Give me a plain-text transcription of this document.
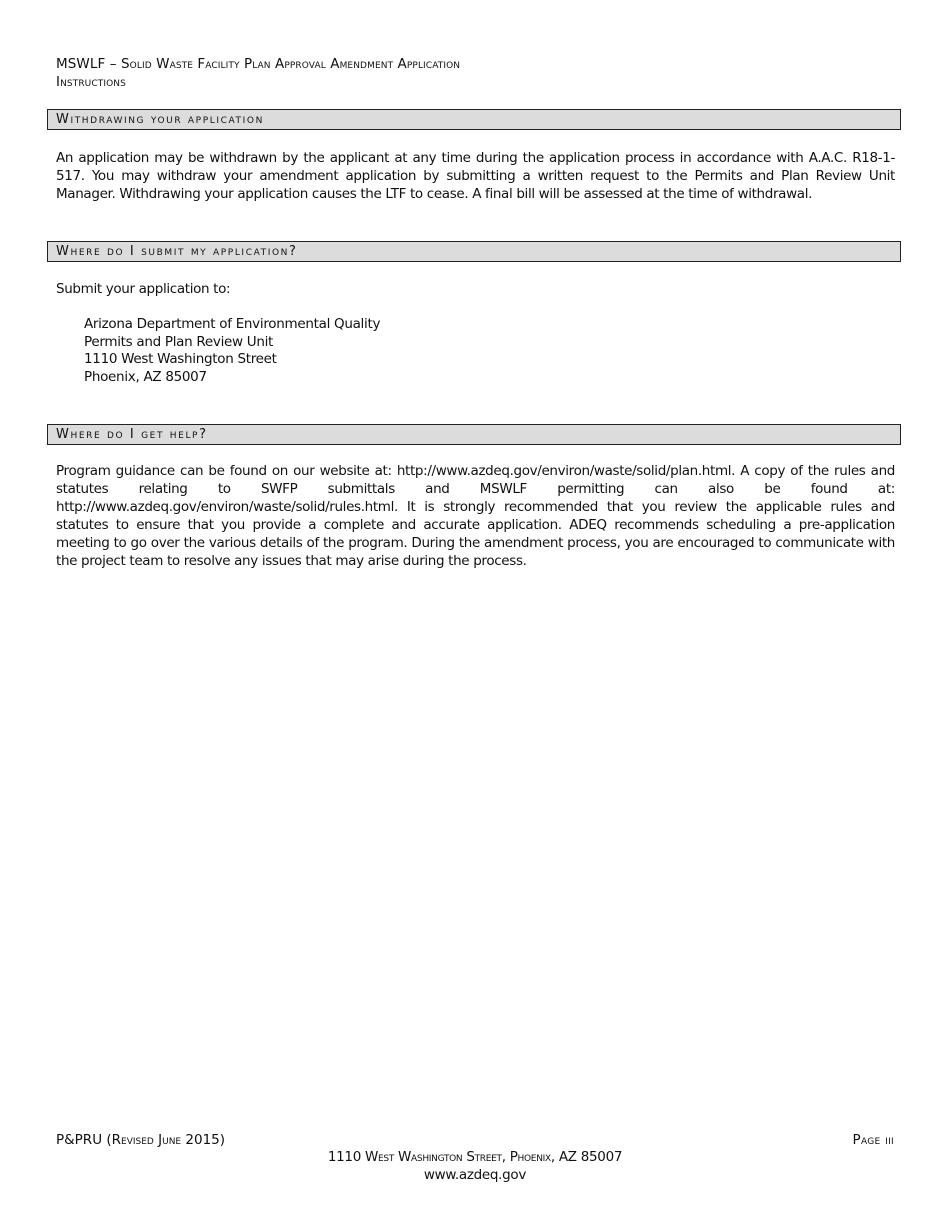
MSWLF – Solid Waste Facility Plan Approval Amendment Application
Instructions
Withdrawing your application
An application may be withdrawn by the applicant at any time during the application process in accordance with A.A.C. R18-1-517. You may withdraw your amendment application by submitting a written request to the Permits and Plan Review Unit Manager. Withdrawing your application causes the LTF to cease. A final bill will be assessed at the time of withdrawal.
Where do I submit my application?
Submit your application to:
Arizona Department of Environmental Quality
Permits and Plan Review Unit
1110 West Washington Street
Phoenix, AZ 85007
Where do I get help?
Program guidance can be found on our website at: http://www.azdeq.gov/environ/waste/solid/plan.html. A copy of the rules and statutes relating to SWFP submittals and MSWLF permitting can also be found at: http://www.azdeq.gov/environ/waste/solid/rules.html. It is strongly recommended that you review the applicable rules and statutes to ensure that you provide a complete and accurate application. ADEQ recommends scheduling a pre-application meeting to go over the various details of the program. During the amendment process, you are encouraged to communicate with the project team to resolve any issues that may arise during the process.
P&PRU (Revised June 2015)	Page iii
1110 West Washington Street, Phoenix, AZ 85007
www.azdeq.gov
